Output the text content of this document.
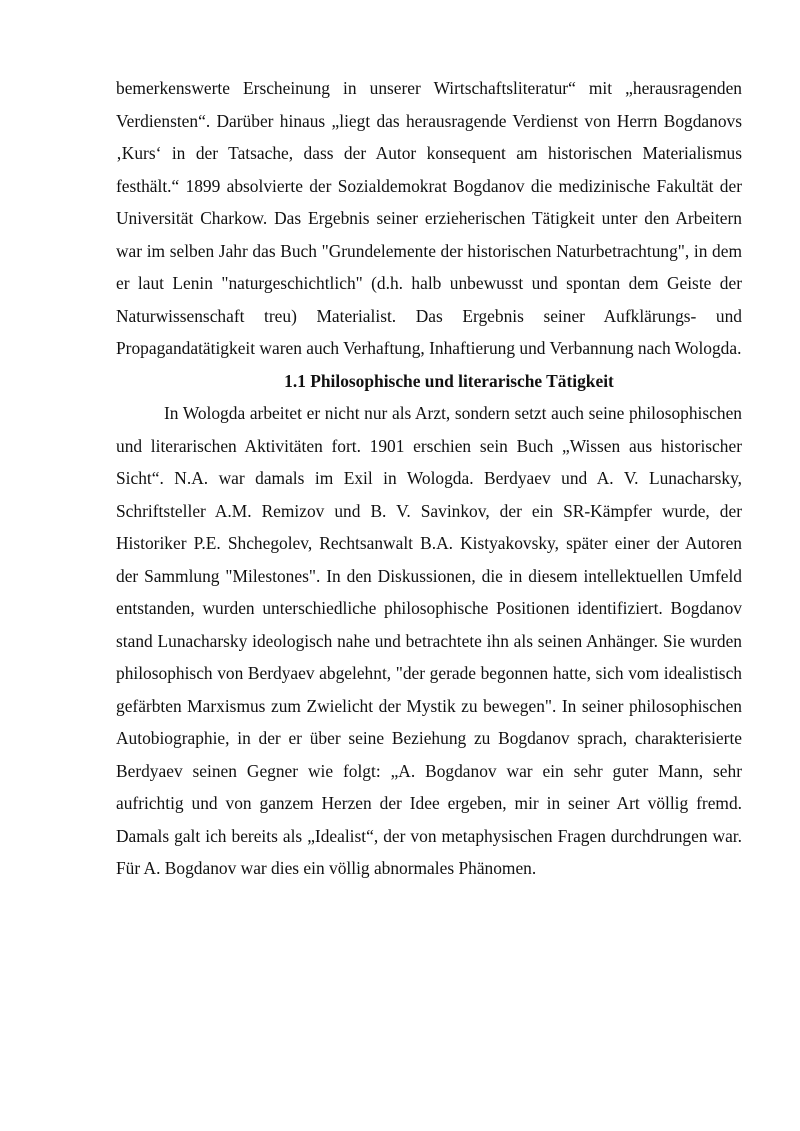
bemerkenswerte Erscheinung in unserer Wirtschaftsliteratur“ mit „herausragenden Verdiensten“. Darüber hinaus „liegt das herausragende Verdienst von Herrn Bogdanovs ‚Kurs‘ in der Tatsache, dass der Autor konsequent am historischen Materialismus festhält.“ 1899 absolvierte der Sozialdemokrat Bogdanov die medizinische Fakultät der Universität Charkow. Das Ergebnis seiner erzieherischen Tätigkeit unter den Arbeitern war im selben Jahr das Buch "Grundelemente der historischen Naturbetrachtung", in dem er laut Lenin "naturgeschichtlich" (d.h. halb unbewusst und spontan dem Geiste der Naturwissenschaft treu) Materialist. Das Ergebnis seiner Aufklärungs- und Propagandatätigkeit waren auch Verhaftung, Inhaftierung und Verbannung nach Wologda.

1.1 Philosophische und literarische Tätigkeit

In Wologda arbeitet er nicht nur als Arzt, sondern setzt auch seine philosophischen und literarischen Aktivitäten fort. 1901 erschien sein Buch „Wissen aus historischer Sicht“. N.A. war damals im Exil in Wologda. Berdyaev und A. V. Lunacharsky, Schriftsteller A.M. Remizov und B. V. Savinkov, der ein SR-Kämpfer wurde, der Historiker P.E. Shchegolev, Rechtsanwalt B.A. Kistyakovsky, später einer der Autoren der Sammlung "Milestones". In den Diskussionen, die in diesem intellektuellen Umfeld entstanden, wurden unterschiedliche philosophische Positionen identifiziert. Bogdanov stand Lunacharsky ideologisch nahe und betrachtete ihn als seinen Anhänger. Sie wurden philosophisch von Berdyaev abgelehnt, "der gerade begonnen hatte, sich vom idealistisch gefärbten Marxismus zum Zwielicht der Mystik zu bewegen". In seiner philosophischen Autobiographie, in der er über seine Beziehung zu Bogdanov sprach, charakterisierte Berdyaev seinen Gegner wie folgt: „A. Bogdanov war ein sehr guter Mann, sehr aufrichtig und von ganzem Herzen der Idee ergeben, mir in seiner Art völlig fremd. Damals galt ich bereits als „Idealist“, der von metaphysischen Fragen durchdrungen war. Für A. Bogdanov war dies ein völlig abnormales Phänomen.
